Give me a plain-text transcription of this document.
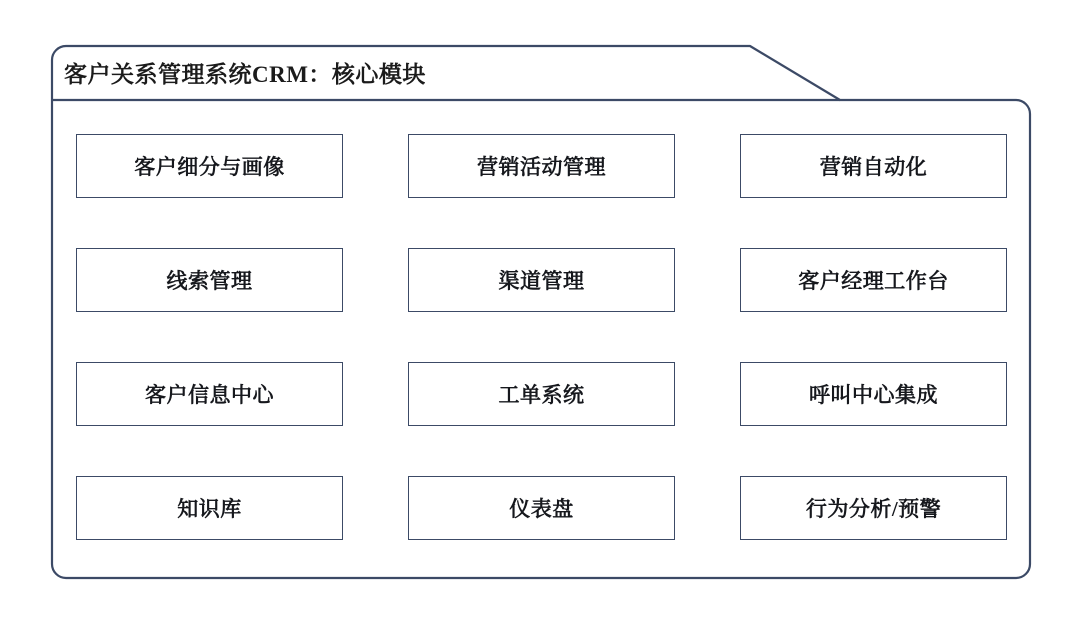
客户关系管理系统CRM：核心模块
客户细分与画像	营销活动管理	营销自动化
线索管理	渠道管理	客户经理工作台
客户信息中心	工单系统	呼叫中心集成
知识库	仪表盘	行为分析/预警
